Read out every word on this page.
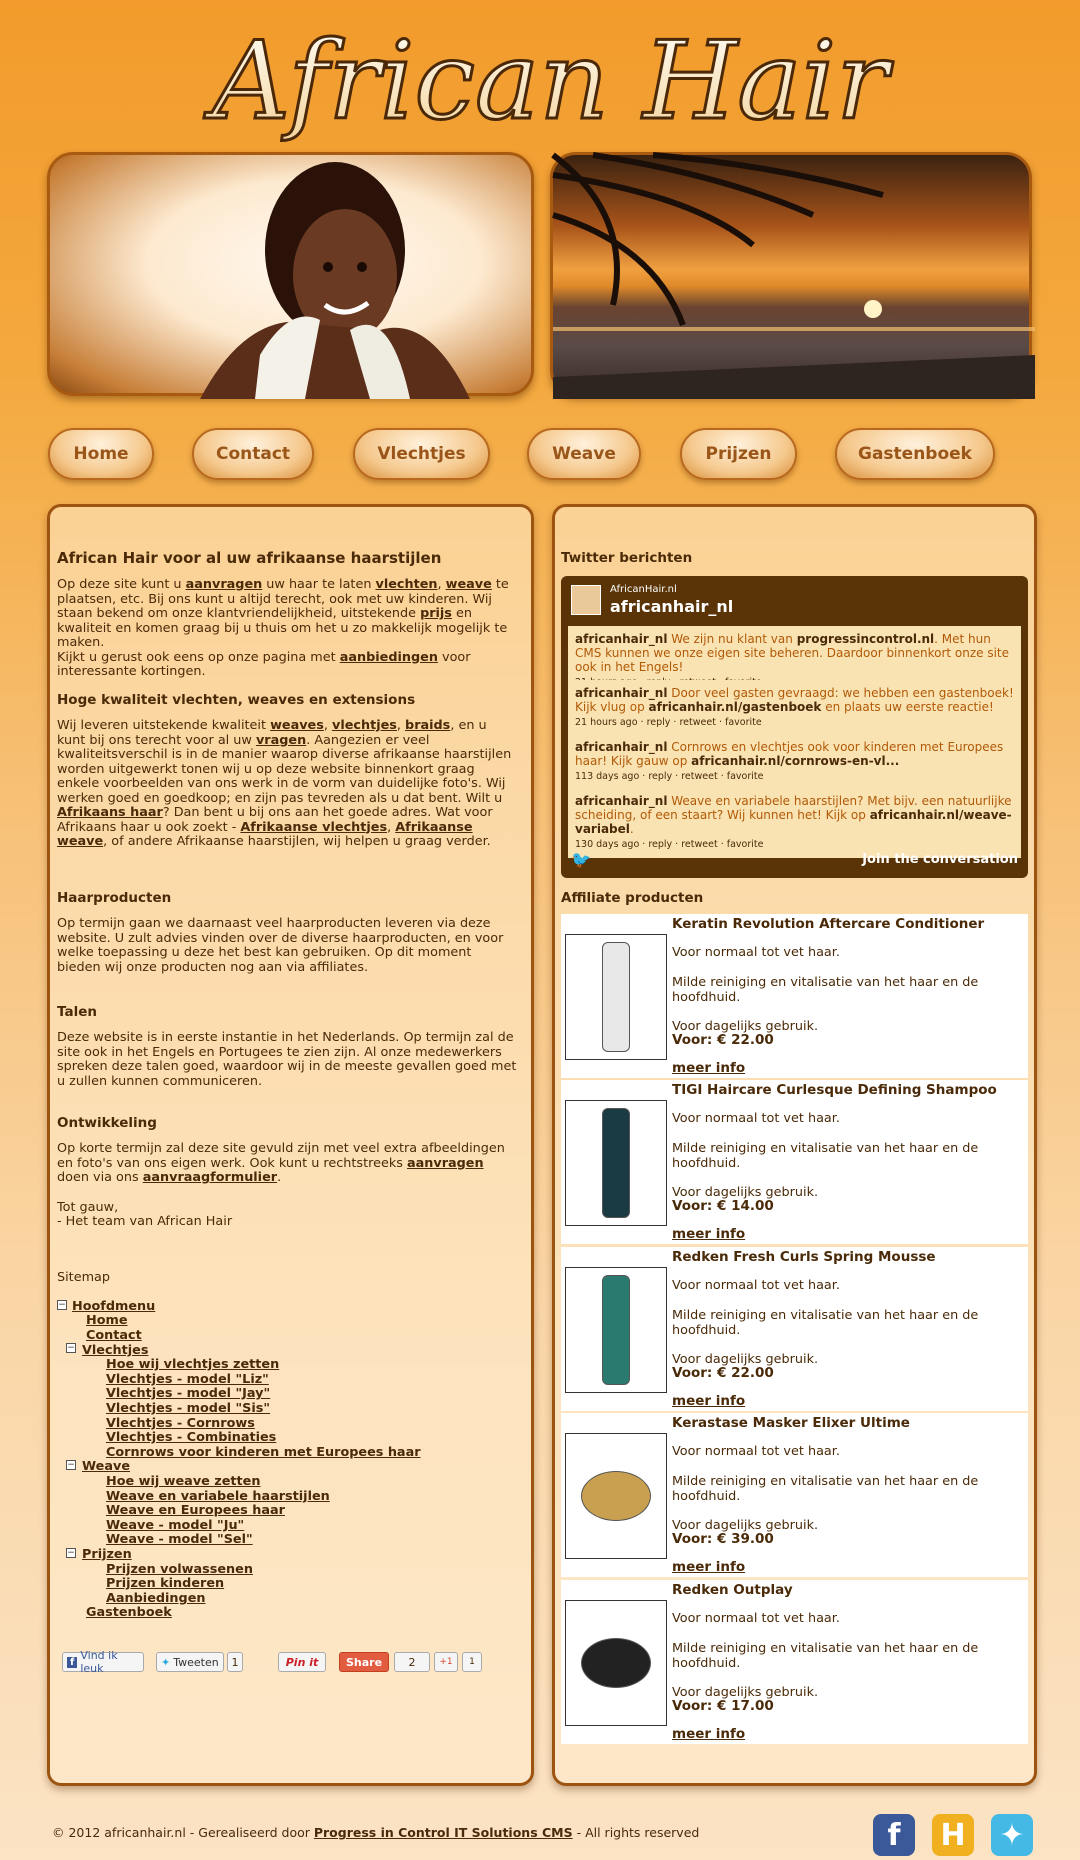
African Hair
Home	Contact	Vlechtjes	Weave	Prijzen	Gastenboek
African Hair voor al uw afrikaanse haarstijlen

Op deze site kunt u aanvragen uw haar te laten vlechten, weave te plaatsen, etc. Bij ons kunt u altijd terecht, ook met uw kinderen. Wij staan bekend om onze klantvriendelijkheid, uitstekende prijs en kwaliteit en komen graag bij u thuis om het u zo makkelijk mogelijk te maken.
Kijkt u gerust ook eens op onze pagina met aanbiedingen voor interessante kortingen.

Hoge kwaliteit vlechten, weaves en extensions

Wij leveren uitstekende kwaliteit weaves, vlechtjes, braids, en u kunt bij ons terecht voor al uw vragen. Aangezien er veel kwaliteitsverschil is in de manier waarop diverse afrikaanse haarstijlen worden uitgewerkt tonen wij u op deze website binnenkort graag enkele voorbeelden van ons werk in de vorm van duidelijke foto's. Wij werken goed en goedkoop; en zijn pas tevreden als u dat bent. Wilt u Afrikaans haar? Dan bent u bij ons aan het goede adres. Wat voor Afrikaans haar u ook zoekt - Afrikaanse vlechtjes, Afrikaanse weave, of andere Afrikaanse haarstijlen, wij helpen u graag verder.

Haarproducten

Op termijn gaan we daarnaast veel haarproducten leveren via deze website. U zult advies vinden over de diverse haarproducten, en voor welke toepassing u deze het best kan gebruiken. Op dit moment bieden wij onze producten nog aan via affiliates.

Talen

Deze website is in eerste instantie in het Nederlands. Op termijn zal de site ook in het Engels en Portugees te zien zijn. Al onze medewerkers spreken deze talen goed, waardoor wij in de meeste gevallen goed met u zullen kunnen communiceren.

Ontwikkeling

Op korte termijn zal deze site gevuld zijn met veel extra afbeeldingen en foto's van ons eigen werk. Ook kunt u rechtstreeks aanvragen doen via ons aanvraagformulier.

Tot gauw,

- Het team van African Hair

Sitemap

−
−
−
−
Hoofdmenu
Home
Contact
Vlechtjes
Hoe wij vlechtjes zetten
Vlechtjes - model "Liz"
Vlechtjes - model "Jay"
Vlechtjes - model "Sis"
Vlechtjes - Cornrows
Vlechtjes - Combinaties
Cornrows voor kinderen met Europees haar
Weave
Hoe wij weave zetten
Weave en variabele haarstijlen
Weave en Europees haar
Weave - model "Ju"
Weave - model "Sel"
Prijzen
Prijzen volwassenen
Prijzen kinderen
Aanbiedingen
Gastenboek
f Vind ik leuk	✦ Tweeten	1	Pin it	Share	2	+1	1
Twitter berichten
AfricanHair.nl
africanhair_nl
africanhair_nl We zijn nu klant van progressincontrol.nl. Met hun CMS kunnen we onze eigen site beheren. Daardoor binnenkort onze site ook in het Engels!
africanhair_nl Door veel gasten gevraagd: we hebben een gastenboek! Kijk vlug op africanhair.nl/gastenboek en plaats uw eerste reactie!
21 hours ago · reply · retweet · favorite
africanhair_nl Cornrows en vlechtjes ook voor kinderen met Europees haar! Kijk gauw op africanhair.nl/cornrows-en-vl...
113 days ago · reply · retweet · favorite
africanhair_nl Weave en variabele haarstijlen? Met bijv. een natuurlijke scheiding, of een staart? Wij kunnen het! Kijk op africanhair.nl/weave-variabel.
130 days ago · reply · retweet · favorite
🐦	Join the conversation
Affiliate producten
Keratin Revolution Aftercare Conditioner
Voor normaal tot vet haar.
Milde reiniging en vitalisatie van het haar en de hoofdhuid.
Voor dagelijks gebruik.
Voor: € 22.00
meer info
TIGI Haircare Curlesque Defining Shampoo
Voor normaal tot vet haar.
Milde reiniging en vitalisatie van het haar en de hoofdhuid.
Voor dagelijks gebruik.
Voor: € 14.00
meer info
Redken Fresh Curls Spring Mousse
Voor normaal tot vet haar.
Milde reiniging en vitalisatie van het haar en de hoofdhuid.
Voor dagelijks gebruik.
Voor: € 22.00
meer info
Kerastase Masker Elixer Ultime
Voor normaal tot vet haar.
Milde reiniging en vitalisatie van het haar en de hoofdhuid.
Voor dagelijks gebruik.
Voor: € 39.00
meer info
Redken Outplay
Voor normaal tot vet haar.
Milde reiniging en vitalisatie van het haar en de hoofdhuid.
Voor dagelijks gebruik.
Voor: € 17.00
meer info

© 2012 africanhair.nl - Gerealiseerd door Progress in Control IT Solutions CMS - All rights reserved	f	H ✦
